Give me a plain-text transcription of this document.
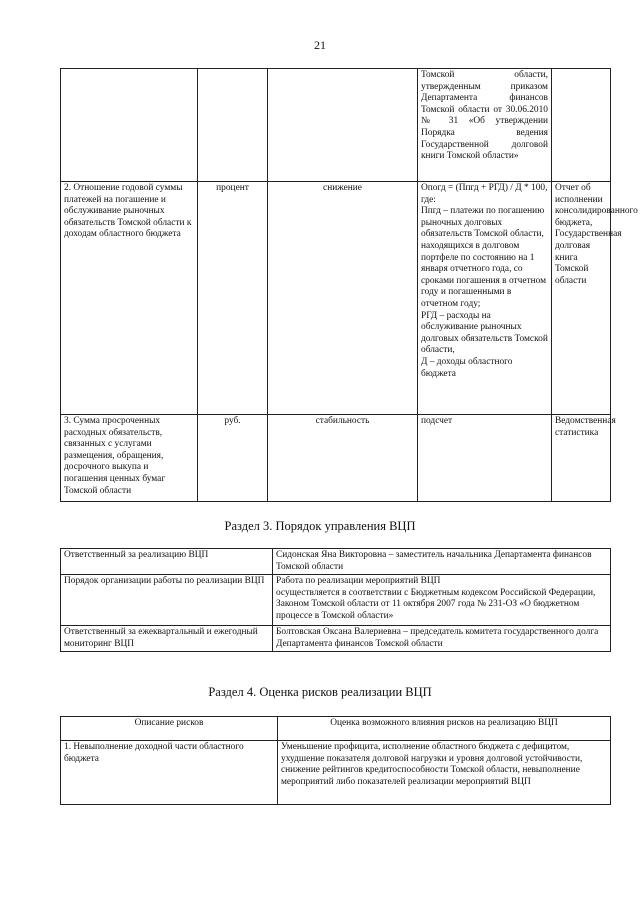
21
			Томской области, утвержденным приказом Департамента финансов Томской области от 30.06.2010 № 31 «Об утверждении Порядка ведения Государственной долговой книги Томской области»	
2. Отношение годовой суммы платежей на погашение и обслуживание рыночных обязательств Томской области к доходам областного бюджета	процент	снижение	Опогд = (Ппгд + РГД) / Д * 100, где:
Ппгд – платежи по погашению рыночных долговых обязательств Томской области, находящихся в долговом портфеле по состоянию на 1 января отчетного года, со сроками погашения в отчетном году и погашенными в отчетном году;
РГД – расходы на обслуживание рыночных долговых обязательств Томской области,
Д – доходы областного бюджета	Отчет об исполнении консолидированного бюджета,
Государственная долговая книга Томской области
3. Сумма просроченных расходных обязательств, связанных с услугами размещения, обращения, досрочного выкупа и погашения ценных бумаг Томской области	руб.	стабильность	подсчет	Ведомственная статистика
Раздел 3. Порядок управления ВЦП
Ответственный за реализацию ВЦП	Сидонская Яна Викторовна – заместитель начальника Департамента финансов Томской области
Порядок организации работы по реализации ВЦП	Работа по реализации мероприятий ВЦП
осуществляется в соответствии с Бюджетным кодексом Российской Федерации, Законом Томской области от 11 октября 2007 года № 231-ОЗ «О бюджетном процессе в Томской области»
Ответственный за ежеквартальный и ежегодный мониторинг ВЦП	Болтовская Оксана Валериевна – председатель комитета государственного долга Департамента финансов Томской области
Раздел 4. Оценка рисков реализации ВЦП
Описание рисков	Оценка возможного влияния рисков на реализацию ВЦП
1. Невыполнение доходной части областного бюджета	Уменьшение профицита, исполнение областного бюджета с дефицитом, ухудшение показателя долговой нагрузки и уровня долговой устойчивости, снижение рейтингов кредитоспособности Томской области, невыполнение мероприятий либо показателей реализации мероприятий ВЦП
